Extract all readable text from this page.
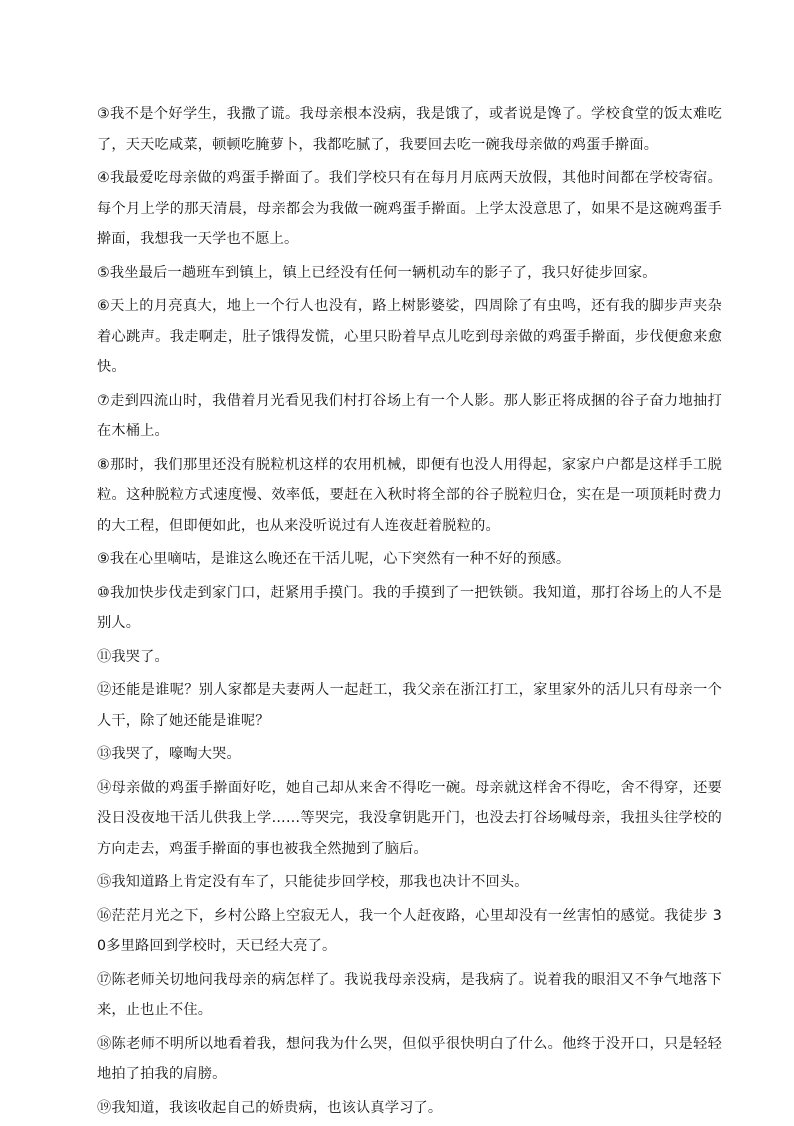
③我不是个好学生，我撒了谎。我母亲根本没病，我是饿了，或者说是馋了。学校食堂的饭太难吃了，天天吃咸菜，顿顿吃腌萝卜，我都吃腻了，我要回去吃一碗我母亲做的鸡蛋手擀面。

④我最爱吃母亲做的鸡蛋手擀面了。我们学校只有在每月月底两天放假，其他时间都在学校寄宿。每个月上学的那天清晨，母亲都会为我做一碗鸡蛋手擀面。上学太没意思了，如果不是这碗鸡蛋手擀面，我想我一天学也不愿上。

⑤我坐最后一趟班车到镇上，镇上已经没有任何一辆机动车的影子了，我只好徒步回家。

⑥天上的月亮真大，地上一个行人也没有，路上树影婆娑，四周除了有虫鸣，还有我的脚步声夹杂着心跳声。我走啊走，肚子饿得发慌，心里只盼着早点儿吃到母亲做的鸡蛋手擀面，步伐便愈来愈快。

⑦走到四流山时，我借着月光看见我们村打谷场上有一个人影。那人影正将成捆的谷子奋力地抽打在木桶上。

⑧那时，我们那里还没有脱粒机这样的农用机械，即便有也没人用得起，家家户户都是这样手工脱粒。这种脱粒方式速度慢、效率低，要赶在入秋时将全部的谷子脱粒归仓，实在是一项顶耗时费力的大工程，但即便如此，也从来没听说过有人连夜赶着脱粒的。

⑨我在心里嘀咕，是谁这么晚还在干活儿呢，心下突然有一种不好的预感。

⑩我加快步伐走到家门口，赶紧用手摸门。我的手摸到了一把铁锁。我知道，那打谷场上的人不是别人。

⑪我哭了。

⑫还能是谁呢？别人家都是夫妻两人一起赶工，我父亲在浙江打工，家里家外的活儿只有母亲一个人干，除了她还能是谁呢？

⑬我哭了，嚎啕大哭。

⑭母亲做的鸡蛋手擀面好吃，她自己却从来舍不得吃一碗。母亲就这样舍不得吃，舍不得穿，还要没日没夜地干活儿供我上学……等哭完，我没拿钥匙开门，也没去打谷场喊母亲，我扭头往学校的方向走去，鸡蛋手擀面的事也被我全然抛到了脑后。

⑮我知道路上肯定没有车了，只能徒步回学校，那我也决计不回头。

⑯茫茫月光之下，乡村公路上空寂无人，我一个人赶夜路，心里却没有一丝害怕的感觉。我徒步 30多里路回到学校时，天已经大亮了。

⑰陈老师关切地问我母亲的病怎样了。我说我母亲没病，是我病了。说着我的眼泪又不争气地落下来，止也止不住。

⑱陈老师不明所以地看着我，想问我为什么哭，但似乎很快明白了什么。他终于没开口，只是轻轻地拍了拍我的肩膀。

⑲我知道，我该收起自己的娇贵病，也该认真学习了。
